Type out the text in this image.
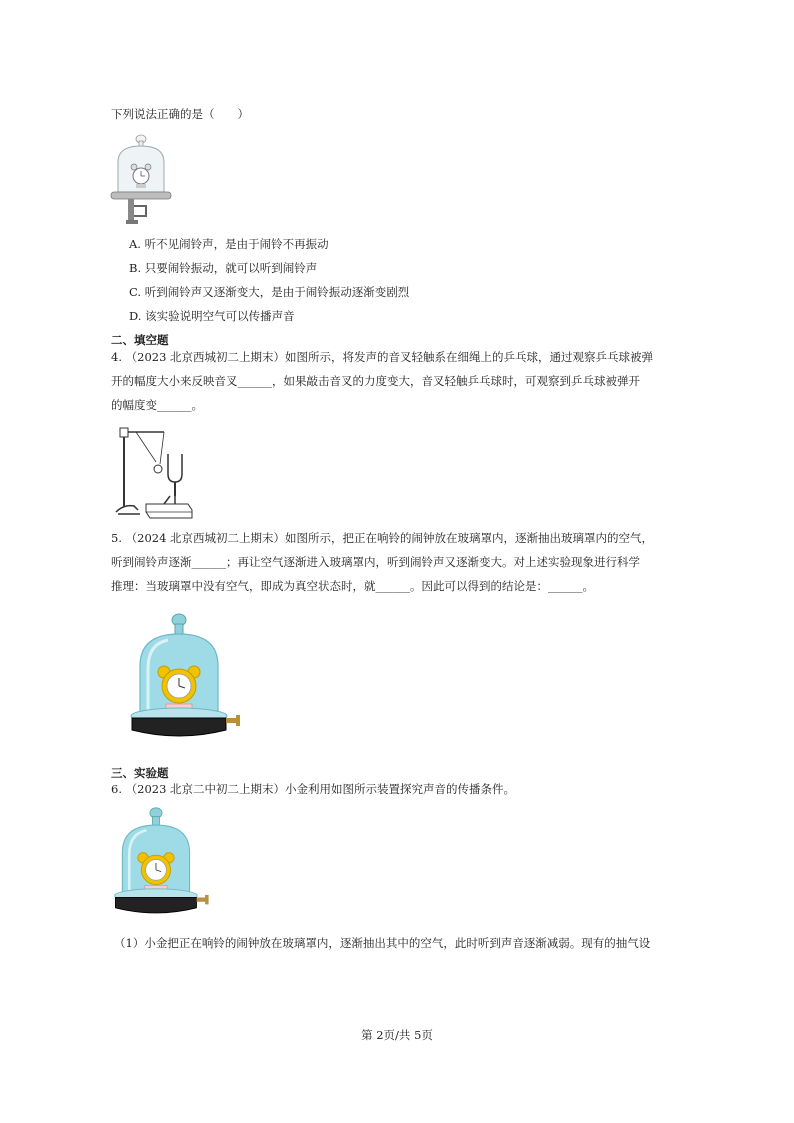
下列说法正确的是（　　）
A. 听不见闹铃声，是由于闹铃不再振动
B. 只要闹铃振动，就可以听到闹铃声
C. 听到闹铃声又逐渐变大，是由于闹铃振动逐渐变剧烈
D. 该实验说明空气可以传播声音
二、填空题
4. （2023 北京西城初二上期末）如图所示，将发声的音叉轻触系在细绳上的乒乓球，通过观察乒乓球被弹
开的幅度大小来反映音叉______，如果敲击音叉的力度变大，音叉轻触乒乓球时，可观察到乒乓球被弹开
的幅度变______。
5. （2024 北京西城初二上期末）如图所示，把正在响铃的闹钟放在玻璃罩内，逐渐抽出玻璃罩内的空气，
听到闹铃声逐渐______；再让空气逐渐进入玻璃罩内，听到闹铃声又逐渐变大。对上述实验现象进行科学
推理：当玻璃罩中没有空气，即成为真空状态时，就______。因此可以得到的结论是：______。
三、实验题
6. （2023 北京二中初二上期末）小金利用如图所示装置探究声音的传播条件。
（1）小金把正在响铃的闹钟放在玻璃罩内，逐渐抽出其中的空气，此时听到声音逐渐减弱。现有的抽气设
第 2页/共 5页
